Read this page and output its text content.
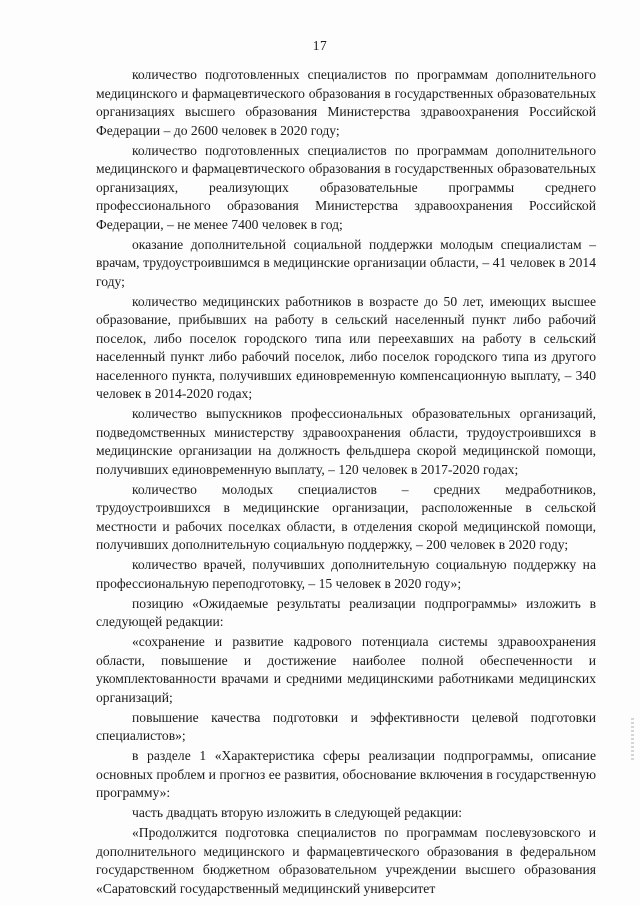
17

количество подготовленных специалистов по программам дополнительного медицинского и фармацевтического образования в государственных образовательных организациях высшего образования Министерства здравоохранения Российской Федерации – до 2600 человек в 2020 году;

количество подготовленных специалистов по программам дополнительного медицинского и фармацевтического образования в государственных образовательных организациях, реализующих образовательные программы среднего профессионального образования Министерства здравоохранения Российской Федерации, – не менее 7400 человек в год;

оказание дополнительной социальной поддержки молодым специалистам – врачам, трудоустроившимся в медицинские организации области, – 41 человек в 2014 году;

количество медицинских работников в возрасте до 50 лет, имеющих высшее образование, прибывших на работу в сельский населенный пункт либо рабочий поселок, либо поселок городского типа или переехавших на работу в сельский населенный пункт либо рабочий поселок, либо поселок городского типа из другого населенного пункта, получивших единовременную компенсационную выплату, – 340 человек в 2014-2020 годах;

количество выпускников профессиональных образовательных организаций, подведомственных министерству здравоохранения области, трудоустроившихся в медицинские организации на должность фельдшера скорой медицинской помощи, получивших единовременную выплату, – 120 человек в 2017-2020 годах;

количество молодых специалистов – средних медработников, трудоустроившихся в медицинские организации, расположенные в сельской местности и рабочих поселках области, в отделения скорой медицинской помощи, получивших дополнительную социальную поддержку, – 200 человек в 2020 году;

количество врачей, получивших дополнительную социальную поддержку на профессиональную переподготовку, – 15 человек в 2020 году»;

позицию «Ожидаемые результаты реализации подпрограммы» изложить в следующей редакции:

«сохранение и развитие кадрового потенциала системы здравоохранения области, повышение и достижение наиболее полной обеспеченности и укомплектованности врачами и средними медицинскими работниками медицинских организаций;

повышение качества подготовки и эффективности целевой подготовки специалистов»;

в разделе 1 «Характеристика сферы реализации подпрограммы, описание основных проблем и прогноз ее развития, обоснование включения в государственную программу»:

часть двадцать вторую изложить в следующей редакции:

«Продолжится подготовка специалистов по программам послевузовского и дополнительного медицинского и фармацевтического образования в федеральном государственном бюджетном образовательном учреждении высшего образования «Саратовский государственный медицинский университет
